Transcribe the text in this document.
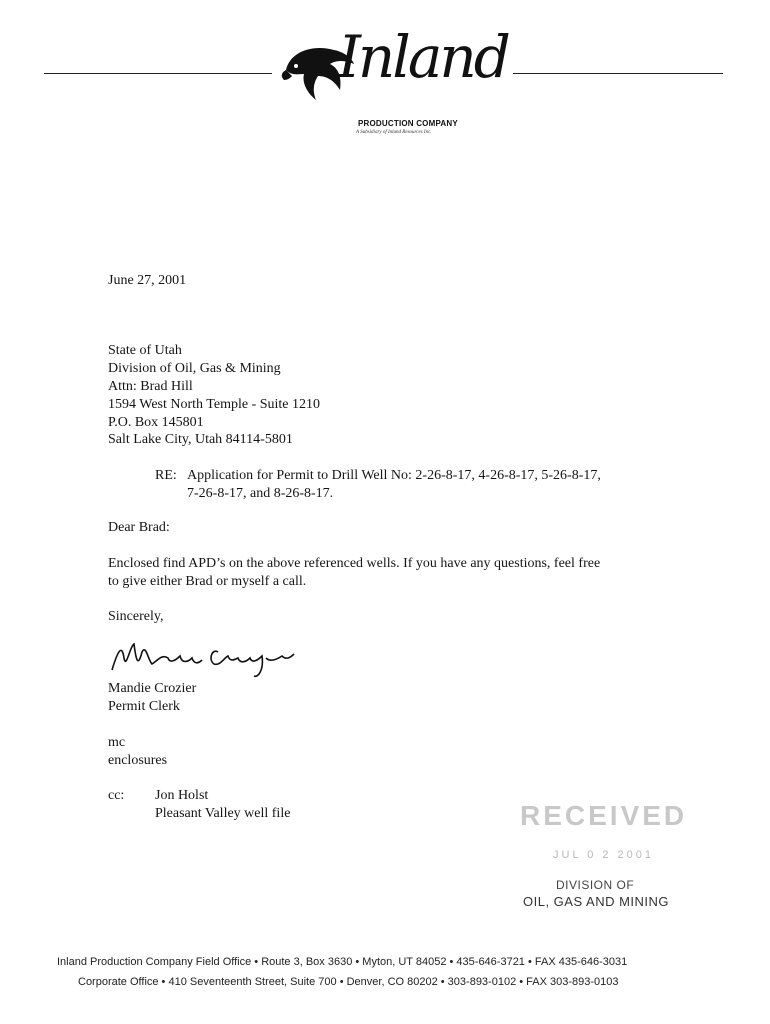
Inland
PRODUCTION COMPANY
A Subsidiary of Inland Resources Inc.
June 27, 2001
State of Utah
Division of Oil, Gas & Mining
Attn: Brad Hill
1594 West North Temple - Suite 1210
P.O. Box 145801
Salt Lake City, Utah 84114-5801
RE: Application for Permit to Drill Well No: 2-26-8-17, 4-26-8-17, 5-26-8-17,
7-26-8-17, and 8-26-8-17.
Dear Brad:
Enclosed find APD’s on the above referenced wells. If you have any questions, feel free
to give either Brad or myself a call.
Sincerely,
Mandie Crozier
Permit Clerk
mc
enclosures
cc: Jon Holst
Pleasant Valley well file	RECEIVED
JUL 0 2 2001
DIVISION OF
OIL, GAS AND MINING
Inland Production Company Field Office • Route 3, Box 3630 • Myton, UT 84052 • 435-646-3721 • FAX 435-646-3031
Corporate Office • 410 Seventeenth Street, Suite 700 • Denver, CO 80202 • 303-893-0102 • FAX 303-893-0103
